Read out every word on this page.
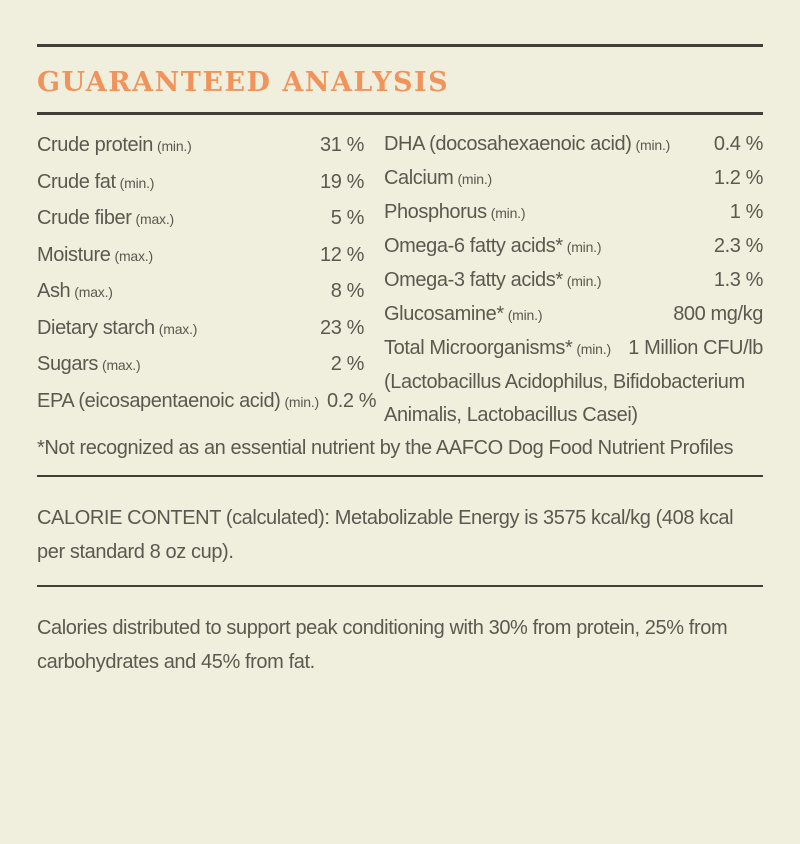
GUARANTEED ANALYSIS
Crude protein (min.)	31 %
Crude fat (min.)	19 %
Crude fiber (max.)	5 %
Moisture (max.)	12 %
Ash (max.)	8 %
Dietary starch (max.)	23 %
Sugars (max.)	2 %
EPA (eicosapentaenoic acid) (min.) 0.2 %
DHA (docosahexaenoic acid) (min.)	0.4 %
Calcium (min.)	1.2 %
Phosphorus (min.)	1 %
Omega-6 fatty acids* (min.)	2.3 %
Omega-3 fatty acids* (min.)	1.3 %
Glucosamine* (min.)	800 mg/kg
Total Microorganisms* (min.) 1 Million CFU/lb
(Lactobacillus Acidophilus, Bifidobacterium Animalis, Lactobacillus Casei)

*Not recognized as an essential nutrient by the AAFCO Dog Food Nutrient Profiles

CALORIE CONTENT (calculated): Metabolizable Energy is 3575 kcal/kg (408 kcal per standard 8 oz cup).

Calories distributed to support peak conditioning with 30% from protein, 25% from carbohydrates and 45% from fat.
